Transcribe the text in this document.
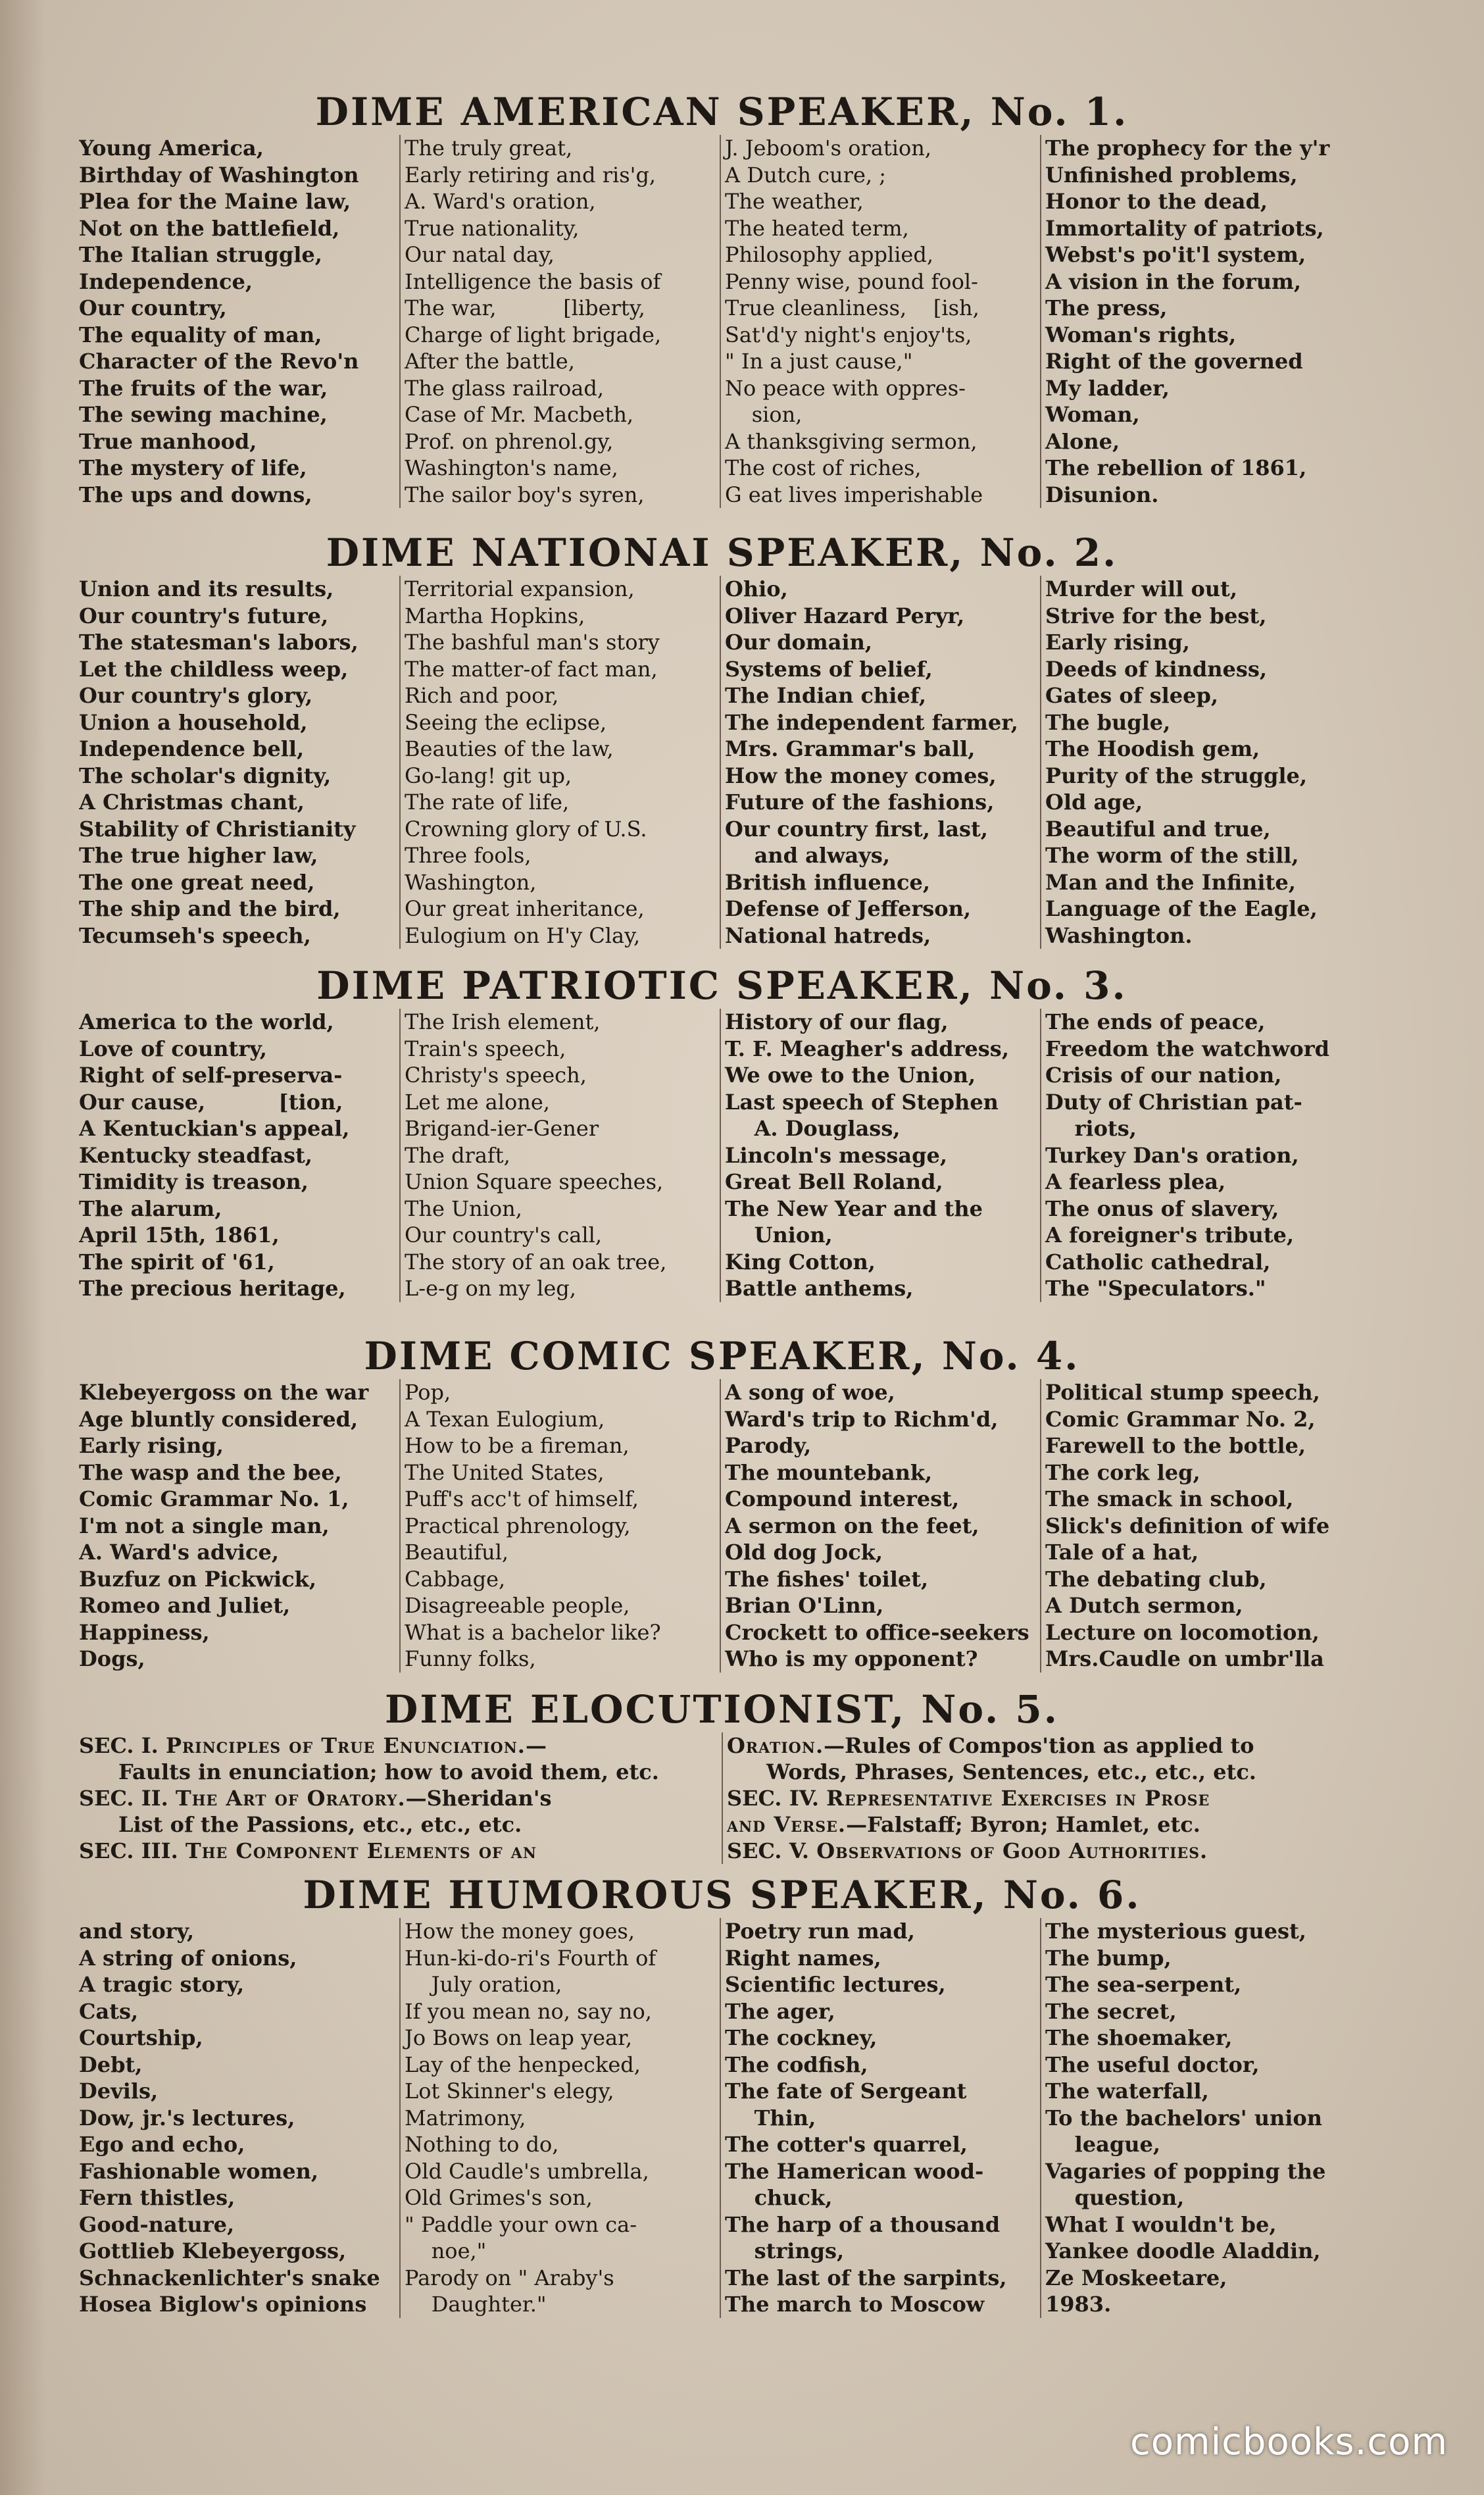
DIME AMERICAN SPEAKER, No. 1.
Young America,
Birthday of Washington
Plea for the Maine law,
Not on the battlefield,
The Italian struggle,
Independence,
Our country,
The equality of man,
Character of the Revo'n
The fruits of the war,
The sewing machine,
True manhood,
The mystery of life,
The ups and downs,
The truly great,
Early retiring and ris'g,
A. Ward's oration,
True nationality,
Our natal day,
Intelligence the basis of
The war,          [liberty,
Charge of light brigade,
After the battle,
The glass railroad,
Case of Mr. Macbeth,
Prof. on phrenol.gy,
Washington's name,
The sailor boy's syren,
J. Jeboom's oration,
A Dutch cure, ;
The weather,
The heated term,
Philosophy applied,
Penny wise, pound fool-
True cleanliness,    [ish,
Sat'd'y night's enjoy'ts,
" In a just cause,"
No peace with oppres-
sion,
A thanksgiving sermon,
The cost of riches,
G eat lives imperishable
The prophecy for the y'r
Unfinished problems,
Honor to the dead,
Immortality of patriots,
Webst's po'it'l system,
A vision in the forum,
The press,
Woman's rights,
Right of the governed
My ladder,
Woman,
Alone,
The rebellion of 1861,
Disunion.
DIME NATIONAI SPEAKER, No. 2.
Union and its results,
Our country's future,
The statesman's labors,
Let the childless weep,
Our country's glory,
Union a household,
Independence bell,
The scholar's dignity,
A Christmas chant,
Stability of Christianity
The true higher law,
The one great need,
The ship and the bird,
Tecumseh's speech,
Territorial expansion,
Martha Hopkins,
The bashful man's story
The matter-of fact man,
Rich and poor,
Seeing the eclipse,
Beauties of the law,
Go-lang! git up,
The rate of life,
Crowning glory of U.S.
Three fools,
Washington,
Our great inheritance,
Eulogium on H'y Clay,
Ohio,
Oliver Hazard Peryr,
Our domain,
Systems of belief,
The Indian chief,
The independent farmer,
Mrs. Grammar's ball,
How the money comes,
Future of the fashions,
Our country first, last,
and always,
British influence,
Defense of Jefferson,
National hatreds,
Murder will out,
Strive for the best,
Early rising,
Deeds of kindness,
Gates of sleep,
The bugle,
The Hoodish gem,
Purity of the struggle,
Old age,
Beautiful and true,
The worm of the still,
Man and the Infinite,
Language of the Eagle,
Washington.
DIME PATRIOTIC SPEAKER, No. 3.
America to the world,
Love of country,
Right of self-preserva-
Our cause,          [tion,
A Kentuckian's appeal,
Kentucky steadfast,
Timidity is treason,
The alarum,
April 15th, 1861,
The spirit of '61,
The precious heritage,
The Irish element,
Train's speech,
Christy's speech,
Let me alone,
Brigand-ier-Gener
The draft,
Union Square speeches,
The Union,
Our country's call,
The story of an oak tree,
L-e-g on my leg,
History of our flag,
T. F. Meagher's address,
We owe to the Union,
Last speech of Stephen
A. Douglass,
Lincoln's message,
Great Bell Roland,
The New Year and the
Union,
King Cotton,
Battle anthems,
The ends of peace,
Freedom the watchword
Crisis of our nation,
Duty of Christian pat-
riots,
Turkey Dan's oration,
A fearless plea,
The onus of slavery,
A foreigner's tribute,
Catholic cathedral,
The "Speculators."
DIME COMIC SPEAKER, No. 4.
Klebeyergoss on the war
Age bluntly considered,
Early rising,
The wasp and the bee,
Comic Grammar No. 1,
I'm not a single man,
A. Ward's advice,
Buzfuz on Pickwick,
Romeo and Juliet,
Happiness,
Dogs,
Pop,
A Texan Eulogium,
How to be a fireman,
The United States,
Puff's acc't of himself,
Practical phrenology,
Beautiful,
Cabbage,
Disagreeable people,
What is a bachelor like?
Funny folks,
A song of woe,
Ward's trip to Richm'd,
Parody,
The mountebank,
Compound interest,
A sermon on the feet,
Old dog Jock,
The fishes' toilet,
Brian O'Linn,
Crockett to office-seekers
Who is my opponent?
Political stump speech,
Comic Grammar No. 2,
Farewell to the bottle,
The cork leg,
The smack in school,
Slick's definition of wife
Tale of a hat,
The debating club,
A Dutch sermon,
Lecture on locomotion,
Mrs.Caudle on umbr'lla
DIME ELOCUTIONIST, No. 5.
SEC. I. Principles of True Enunciation.—
Faults in enunciation; how to avoid them, etc.
SEC. II. The Art of Oratory.—Sheridan's
List of the Passions, etc., etc., etc.
SEC. III. The Component Elements of an
Oration.—Rules of Compos'tion as applied to
Words, Phrases, Sentences, etc., etc., etc.
SEC. IV. Representative Exercises in Prose
and Verse.—Falstaff; Byron; Hamlet, etc.
SEC. V. Observations of Good Authorities.
DIME HUMOROUS SPEAKER, No. 6.
and story,
A string of onions,
A tragic story,
Cats,
Courtship,
Debt,
Devils,
Dow, jr.'s lectures,
Ego and echo,
Fashionable women,
Fern thistles,
Good-nature,
Gottlieb Klebeyergoss,
Schnackenlichter's snake
Hosea Biglow's opinions
How the money goes,
Hun-ki-do-ri's Fourth of
July oration,
If you mean no, say no,
Jo Bows on leap year,
Lay of the henpecked,
Lot Skinner's elegy,
Matrimony,
Nothing to do,
Old Caudle's umbrella,
Old Grimes's son,
" Paddle your own ca-
noe,"
Parody on " Araby's
Daughter."
Poetry run mad,
Right names,
Scientific lectures,
The ager,
The cockney,
The codfish,
The fate of Sergeant
Thin,
The cotter's quarrel,
The Hamerican wood-
chuck,
The harp of a thousand
strings,
The last of the sarpints,
The march to Moscow
The mysterious guest,
The bump,
The sea-serpent,
The secret,
The shoemaker,
The useful doctor,
The waterfall,
To the bachelors' union
league,
Vagaries of popping the
question,
What I wouldn't be,
Yankee doodle Aladdin,
Ze Moskeetare,
1983.
comicbooks.com
